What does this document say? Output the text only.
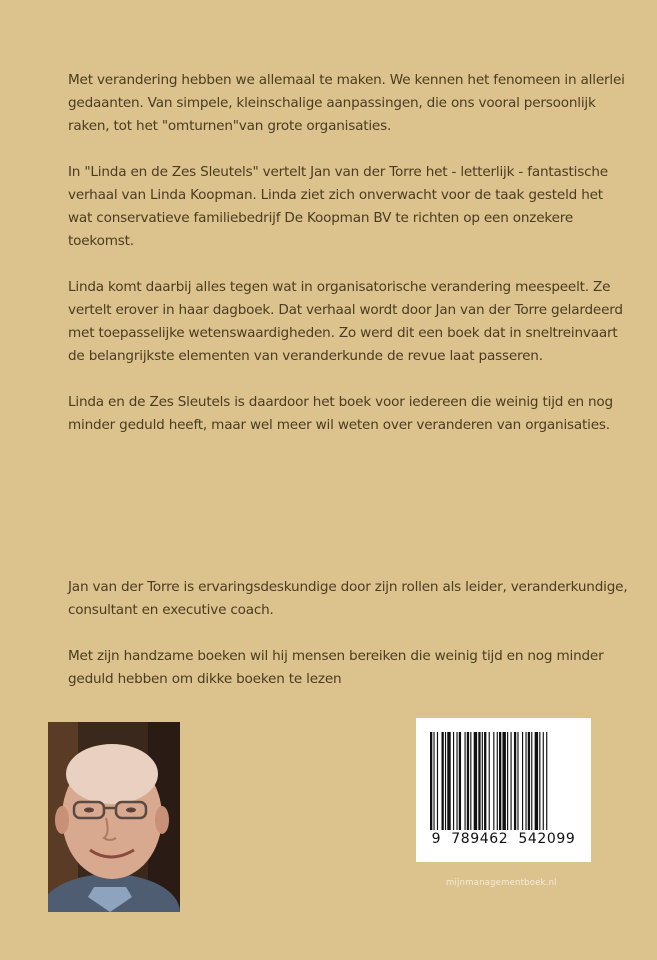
Met verandering hebben we allemaal te maken. We kennen het fenomeen in allerlei gedaanten. Van simpele, kleinschalige aanpassingen, die ons vooral persoonlijk raken, tot het "omturnen"van grote organisaties.

In "Linda en de Zes Sleutels" vertelt Jan van der Torre het - letterlijk - fantastische verhaal van Linda Koopman. Linda ziet zich onverwacht voor de taak gesteld het wat conservatieve familiebedrijf De Koopman BV te richten op een onzekere toekomst.

Linda komt daarbij alles tegen wat in organisatorische verandering meespeelt. Ze vertelt erover in haar dagboek. Dat verhaal wordt door Jan van der Torre gelardeerd met toepasselijke wetenswaardigheden. Zo werd dit een boek dat in sneltreinvaart de belangrijkste elementen van veranderkunde de revue laat passeren.

Linda en de Zes Sleutels is daardoor het boek voor iedereen die weinig tijd en nog minder geduld heeft, maar wel meer wil weten over veranderen van organisaties.

Jan van der Torre is ervaringsdeskundige door zijn rollen als leider, veranderkundige, consultant en executive coach.

Met zijn handzame boeken wil hij mensen bereiken die weinig tijd en nog minder geduld hebben om dikke boeken te lezen

9  789462  542099
mijnmanagementboek.nl
